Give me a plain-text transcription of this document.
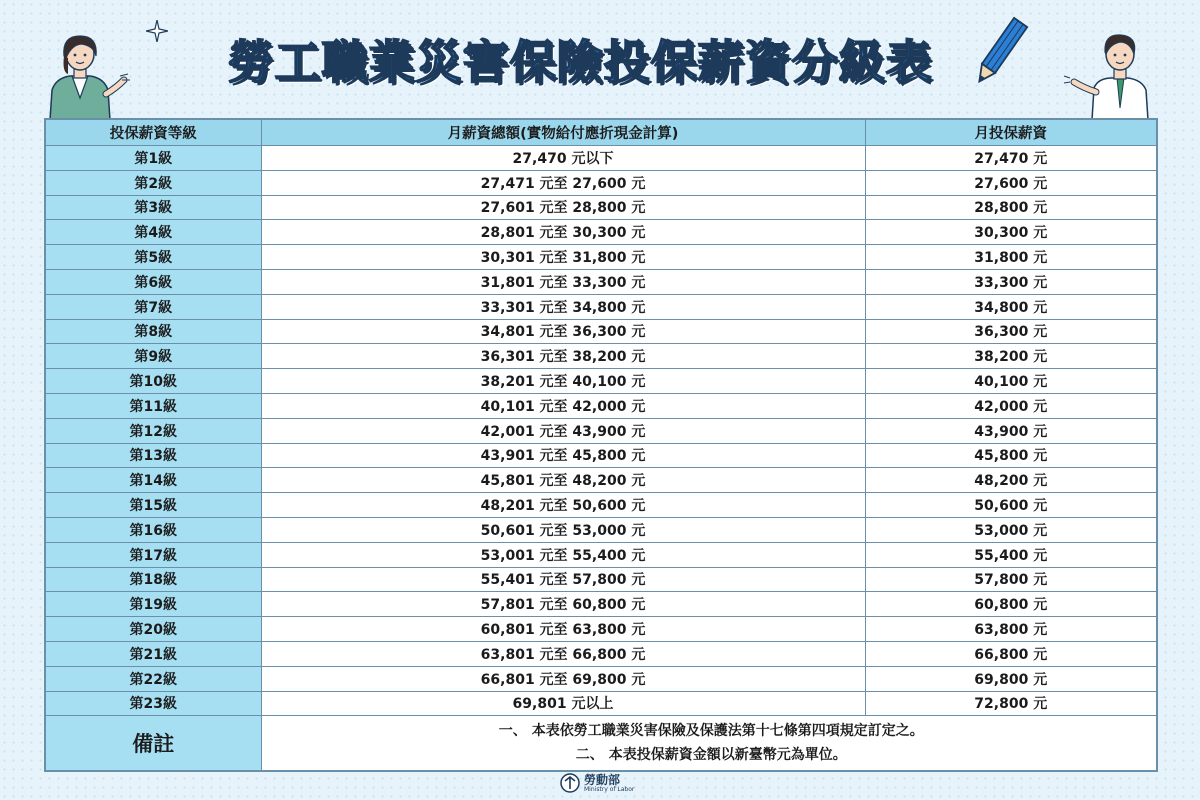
勞工職業災害保險投保薪資分級表
投保薪資等級	月薪資總額(實物給付應折現金計算)	月投保薪資
第1級	27,470 元以下	27,470 元
第2級	27,471 元至 27,600 元	27,600 元
第3級	27,601 元至 28,800 元	28,800 元
第4級	28,801 元至 30,300 元	30,300 元
第5級	30,301 元至 31,800 元	31,800 元
第6級	31,801 元至 33,300 元	33,300 元
第7級	33,301 元至 34,800 元	34,800 元
第8級	34,801 元至 36,300 元	36,300 元
第9級	36,301 元至 38,200 元	38,200 元
第10級	38,201 元至 40,100 元	40,100 元
第11級	40,101 元至 42,000 元	42,000 元
第12級	42,001 元至 43,900 元	43,900 元
第13級	43,901 元至 45,800 元	45,800 元
第14級	45,801 元至 48,200 元	48,200 元
第15級	48,201 元至 50,600 元	50,600 元
第16級	50,601 元至 53,000 元	53,000 元
第17級	53,001 元至 55,400 元	55,400 元
第18級	55,401 元至 57,800 元	57,800 元
第19級	57,801 元至 60,800 元	60,800 元
第20級	60,801 元至 63,800 元	63,800 元
第21級	63,801 元至 66,800 元	66,800 元
第22級	66,801 元至 69,800 元	69,800 元
第23級	69,801 元以上	72,800 元
備註	一、 本表依勞工職業災害保險及保護法第十七條第四項規定訂定之。
二、 本表投保薪資金額以新臺幣元為單位。	
勞動部
Ministry of Labor
